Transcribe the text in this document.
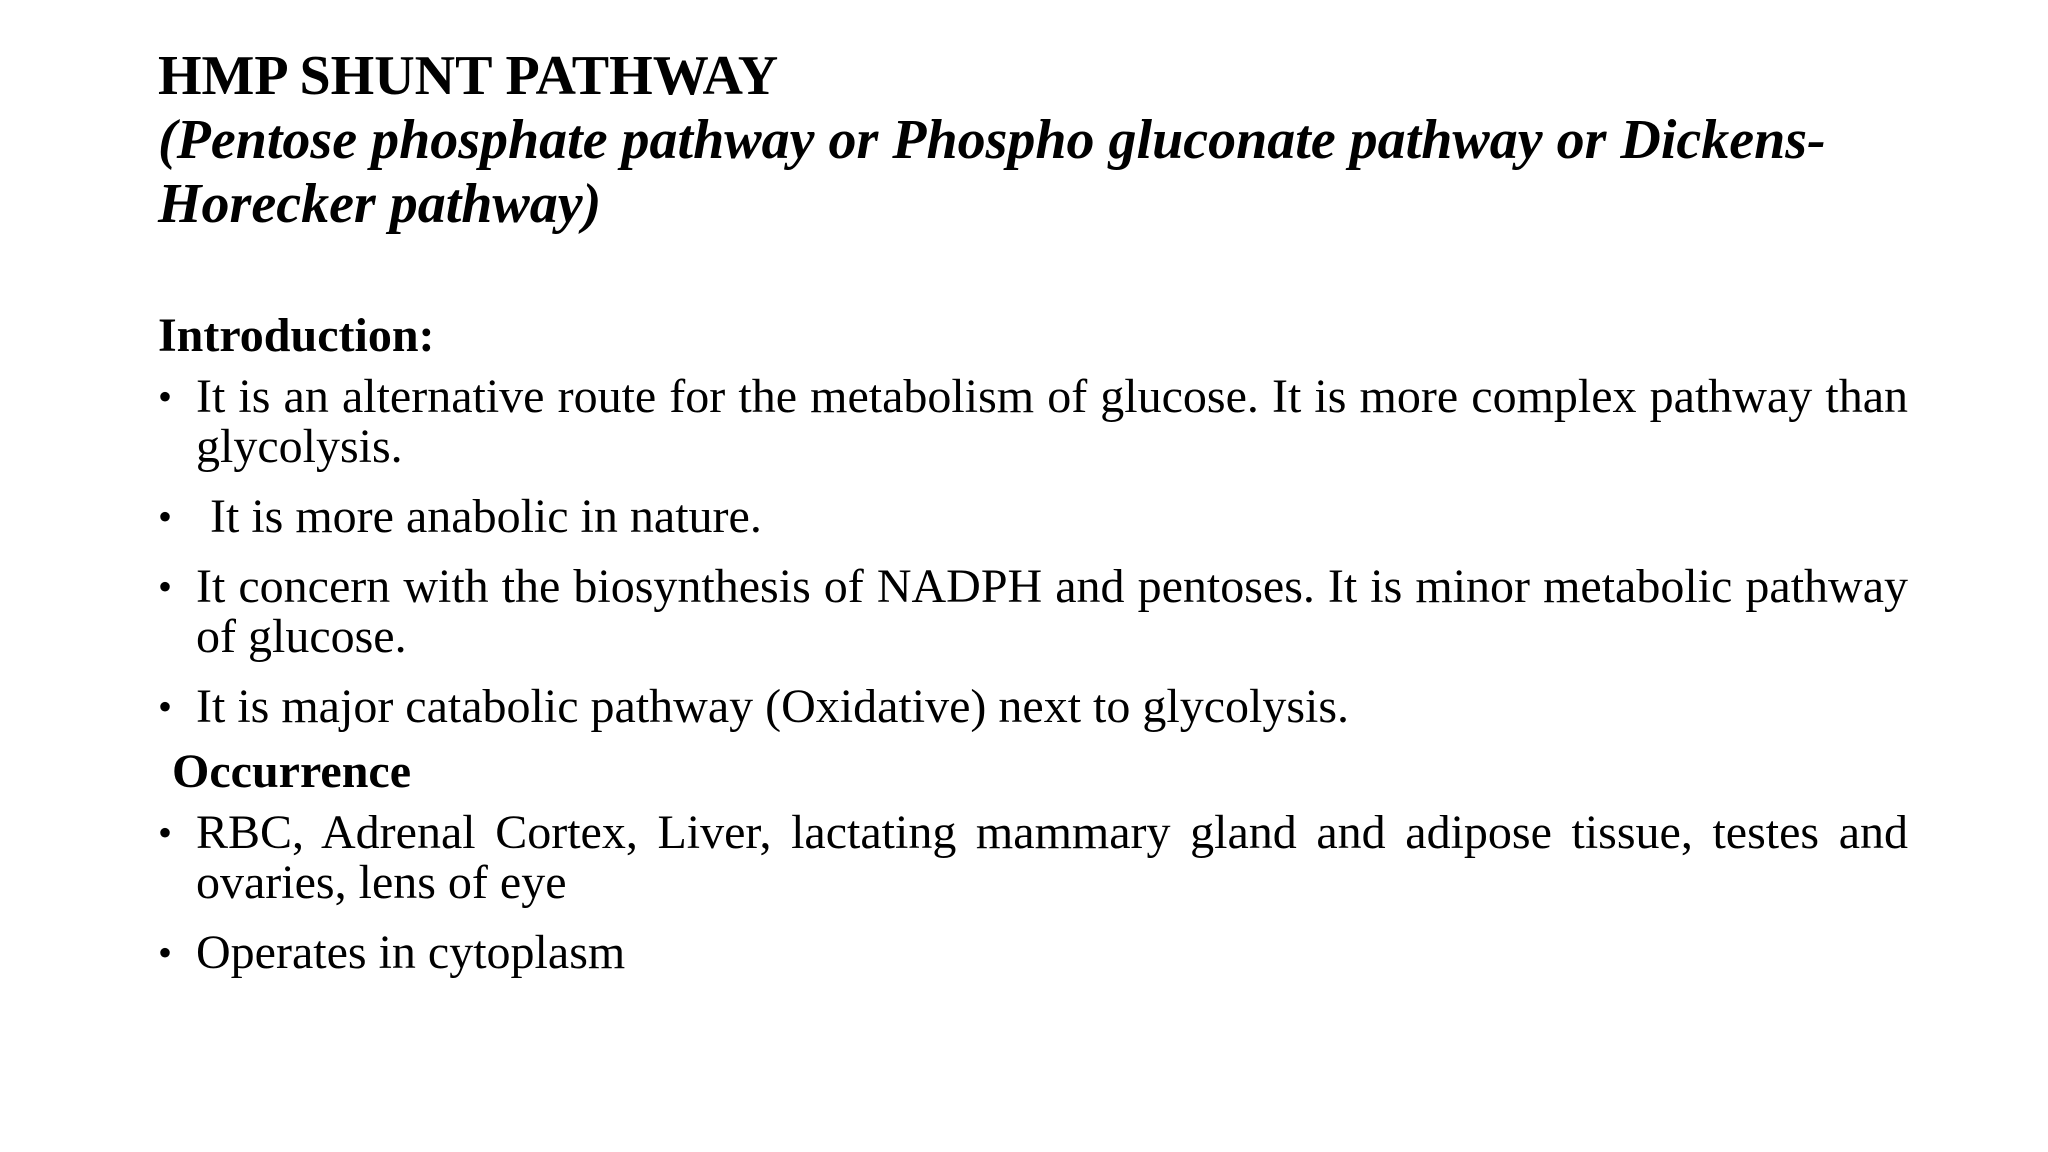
HMP SHUNT PATHWAY
(Pentose phosphate pathway or Phospho gluconate pathway or Dickens-Horecker pathway)
Introduction:
• It is an alternative route for the metabolism of glucose. It is more complex pathway than glycolysis.
• It is more anabolic in nature.
• It concern with the biosynthesis of NADPH and pentoses. It is minor metabolic pathway of glucose.
• It is major catabolic pathway (Oxidative) next to glycolysis.
Occurrence
• RBC, Adrenal Cortex, Liver, lactating mammary gland and adipose tissue, testes and ovaries, lens of eye
• Operates in cytoplasm
